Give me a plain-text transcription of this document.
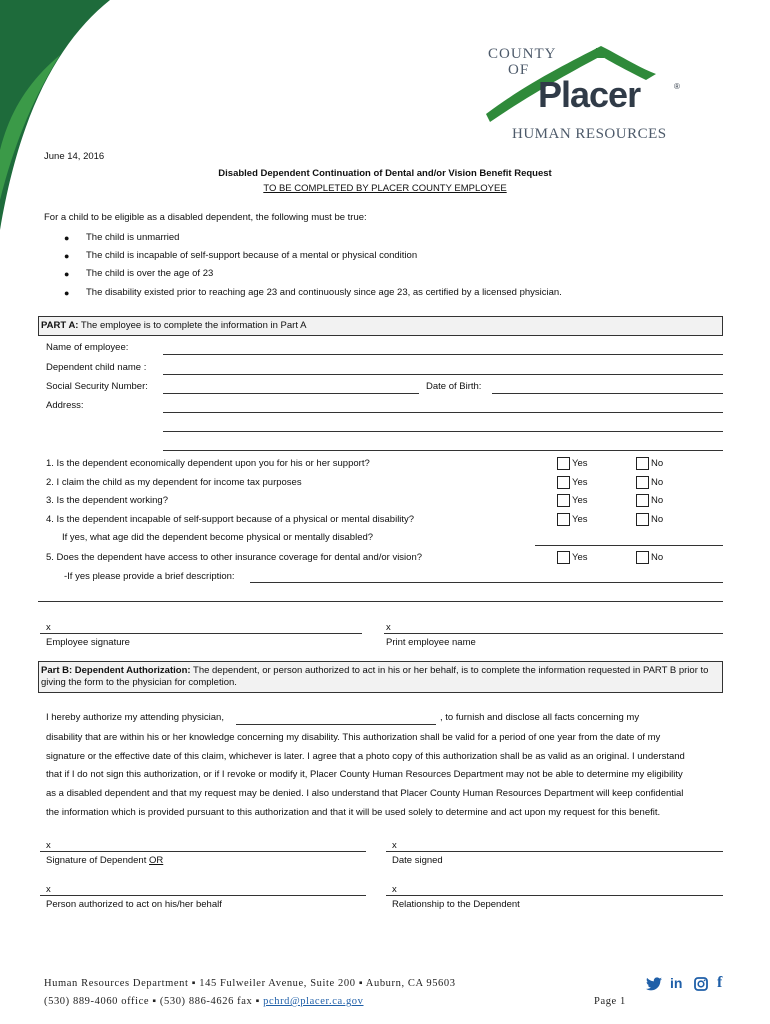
COUNTY
OF
Placer	®
HUMAN RESOURCES
June 14, 2016
Disabled Dependent Continuation of Dental and/or Vision Benefit Request
TO BE COMPLETED BY PLACER COUNTY EMPLOYEE
For a child to be eligible as a disabled dependent, the following must be true:
● The child is unmarried
● The child is incapable of self-support because of a mental or physical condition
● The child is over the age of 23
● The disability existed prior to reaching age 23 and continuously since age 23, as certified by a licensed physician.
PART A: The employee is to complete the information in Part A
Name of employee:
Dependent child name :
Social Security Number:	Date of Birth:
Address:
1. Is the dependent economically dependent upon you for his or her support?	Yes	No
2. I claim the child as my dependent for income tax purposes	Yes	No
3. Is the dependent working?	Yes	No
4. Is the dependent incapable of self-support because of a physical or mental disability?	Yes	No
If yes, what age did the dependent become physical or mentally disabled?
5. Does the dependent have access to other insurance coverage for dental and/or vision?	Yes	No
-If yes please provide a brief description:
x
Employee signature
x
Print employee name
Part B: Dependent Authorization: The dependent, or person authorized to act in his or her behalf, is to complete the information requested in PART B prior to giving the form to the physician for completion.
I hereby authorize my attending physician,	, to furnish and disclose all facts concerning my
disability that are within his or her knowledge concerning my disability. This authorization shall be valid for a period of one year from the date of my
signature or the effective date of this claim, whichever is later. I agree that a photo copy of this authorization shall be as valid as an original. I understand
that if I do not sign this authorization, or if I revoke or modify it, Placer County Human Resources Department may not be able to determine my eligibility
as a disabled dependent and that my request may be denied. I also understand that Placer County Human Resources Department will keep confidential
the information which is provided pursuant to this authorization and that it will be used solely to determine and act upon my request for this benefit.
x
Signature of Dependent OR
x
Date signed
x
Person authorized to act on his/her behalf
x
Relationship to the Dependent
Human Resources Department ▪ 145 Fulweiler Avenue, Suite 200 ▪ Auburn, CA 95603
(530) 889-4060 office ▪ (530) 886-4626 fax ▪ pchrd@placer.ca.gov	Page 1
in f
